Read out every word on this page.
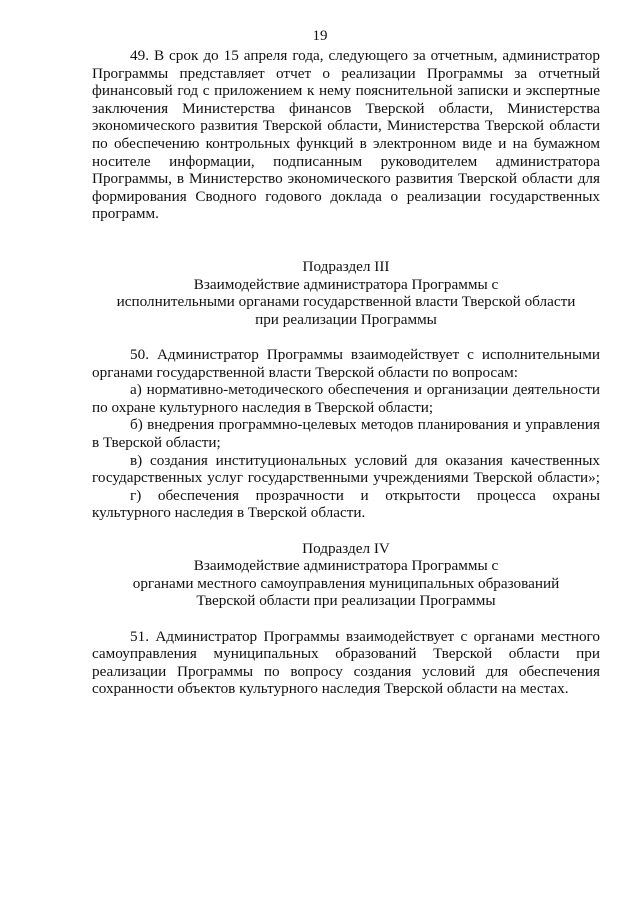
19
49. В срок до 15 апреля года, следующего за отчетным, администратор
Программы представляет отчет о реализации Программы за отчетный
финансовый год с приложением к нему пояснительной записки и экспертные
заключения Министерства финансов Тверской области, Министерства
экономического развития Тверской области, Министерства Тверской области
по обеспечению контрольных функций в электронном виде и на бумажном
носителе информации, подписанным руководителем администратора
Программы, в Министерство экономического развития Тверской области для
формирования Сводного годового доклада о реализации государственных
программ.
Подраздел III
Взаимодействие администратора Программы с
исполнительными органами государственной власти Тверской области
при реализации Программы
50. Администратор Программы взаимодействует с исполнительными
органами государственной власти Тверской области по вопросам:
а) нормативно-методического обеспечения и организации деятельности
по охране культурного наследия в Тверской области;
б) внедрения программно-целевых методов планирования и управления
в Тверской области;
в) создания институциональных условий для оказания качественных
государственных услуг государственными учреждениями Тверской области»;
г) обеспечения прозрачности и открытости процесса охраны
культурного наследия в Тверской области.
Подраздел IV
Взаимодействие администратора Программы с
органами местного самоуправления муниципальных образований
Тверской области при реализации Программы
51. Администратор Программы взаимодействует с органами местного
самоуправления муниципальных образований Тверской области при
реализации Программы по вопросу создания условий для обеспечения
сохранности объектов культурного наследия Тверской области на местах.
